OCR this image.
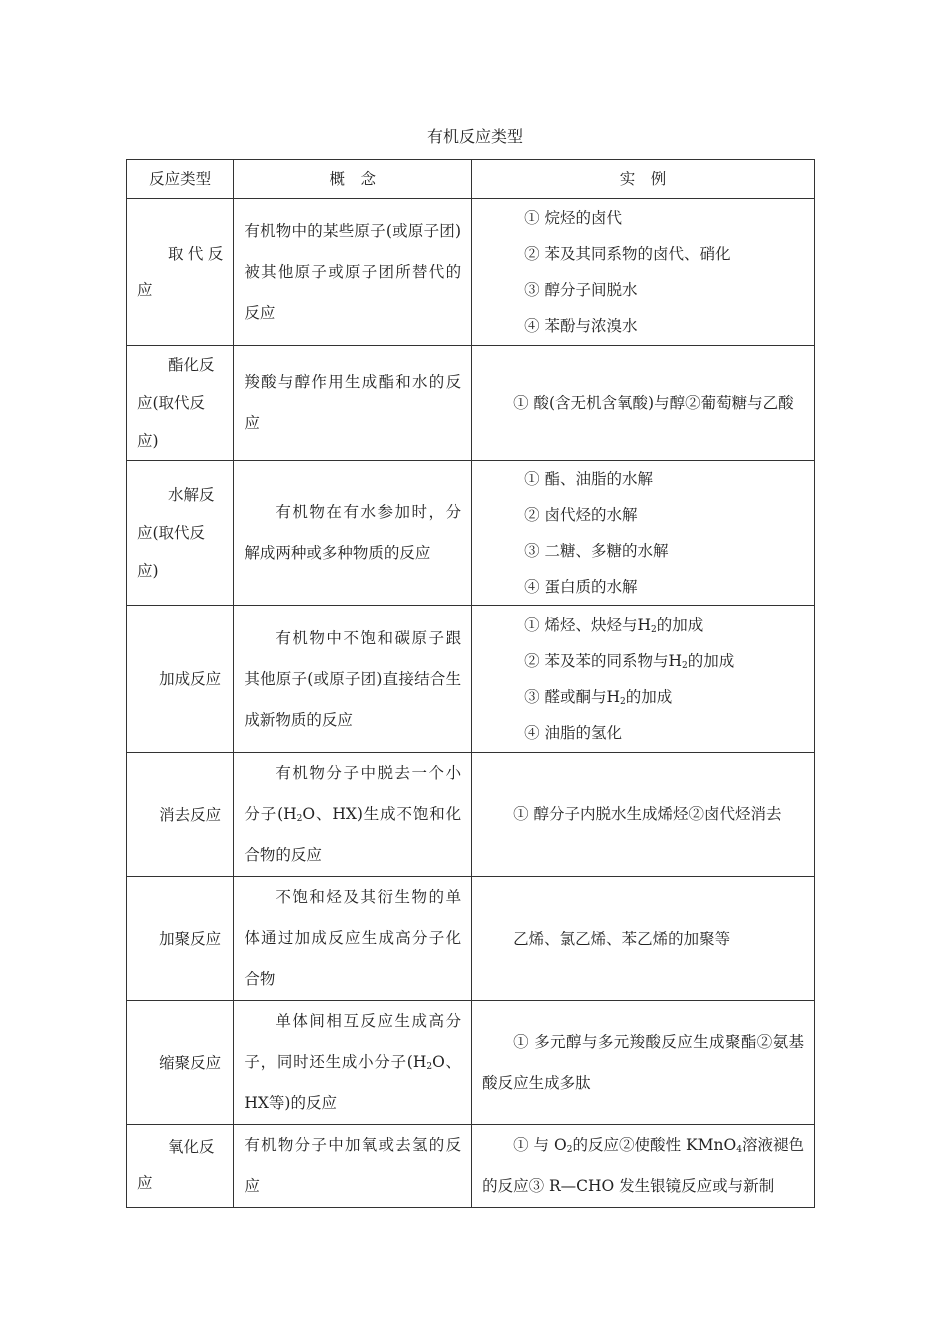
有机反应类型
反应类型	概　念	实　例
取代反应	有机物中的某些原子(或原子团)被其他原子或原子团所替代的反应	① 烷烃的卤代
② 苯及其同系物的卤代、硝化
③ 醇分子间脱水
④ 苯酚与浓溴水

酯化反应(取代反应)	羧酸与醇作用生成酯和水的反应	① 酸(含无机含氧酸)与醇②葡萄糖与乙酸
水解反应(取代反应)	有机物在有水参加时，分解成两种或多种物质的反应	① 酯、油脂的水解
② 卤代烃的水解
③ 二糖、多糖的水解
④ 蛋白质的水解

加成反应	有机物中不饱和碳原子跟其他原子(或原子团)直接结合生成新物质的反应	① 烯烃、炔烃与$H_2$的加成
② 苯及苯的同系物与$H_2$的加成
③ 醛或酮与$H_2$的加成
④ 油脂的氢化

消去反应	有机物分子中脱去一个小分子($H_2O$、HX)生成不饱和化合物的反应	① 醇分子内脱水生成烯烃②卤代烃消去
加聚反应	不饱和烃及其衍生物的单体通过加成反应生成高分子化合物	乙烯、氯乙烯、苯乙烯的加聚等
缩聚反应	单体间相互反应生成高分子，同时还生成小分子($H_2O$、HX等)的反应	① 多元醇与多元羧酸反应生成聚酯②氨基酸反应生成多肽
氧化反应	有机物分子中加氧或去氢的反应	① 与 $O_2$的反应②使酸性 KMnO$_4$溶液褪色的反应③ R—CHO 发生银镜反应或与新制
